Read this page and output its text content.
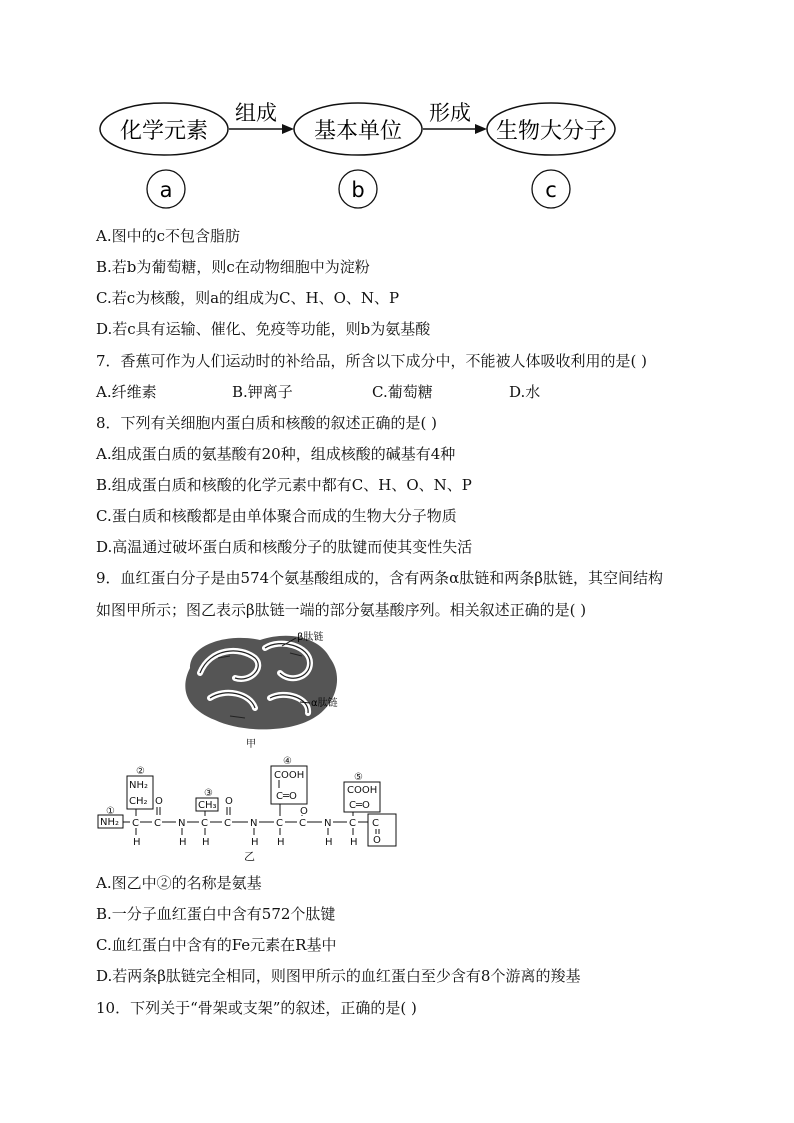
化学元素	基本单位	生物大分子
组成	形成
a	b	c
A.图中的c不包含脂肪
B.若b为葡萄糖，则c在动物细胞中为淀粉
C.若c为核酸，则a的组成为C、H、O、N、P
D.若c具有运输、催化、免疫等功能，则b为氨基酸
7．香蕉可作为人们运动时的补给品，所含以下成分中，不能被人体吸收利用的是( )
A.纤维素	B.钾离子	C.葡萄糖	D.水
8．下列有关细胞内蛋白质和核酸的叙述正确的是( )
A.组成蛋白质的氨基酸有20种，组成核酸的碱基有4种
B.组成蛋白质和核酸的化学元素中都有C、H、O、N、P
C.蛋白质和核酸都是由单体聚合而成的生物大分子物质
D.高温通过破坏蛋白质和核酸分子的肽键而使其变性失活
9．血红蛋白分子是由574个氨基酸组成的，含有两条α肽链和两条β肽链，其空间结构
如图甲所示；图乙表示β肽链一端的部分氨基酸序列。相关叙述正确的是( )
β肽链
α肽链
甲
①
②
③
④
⑤
NH₂ C
NH₂
CH₂
H
C
O
N
H
C
CH₃
H
C
O
N
H
C
COOH
C═O
H
C
O
N
H
C
COOH
C═O
H
C
O
乙
A.图乙中②的名称是氨基
B.一分子血红蛋白中含有572个肽键
C.血红蛋白中含有的Fe元素在R基中
D.若两条β肽链完全相同，则图甲所示的血红蛋白至少含有8个游离的羧基
10．下列关于“骨架或支架”的叙述，正确的是( )
